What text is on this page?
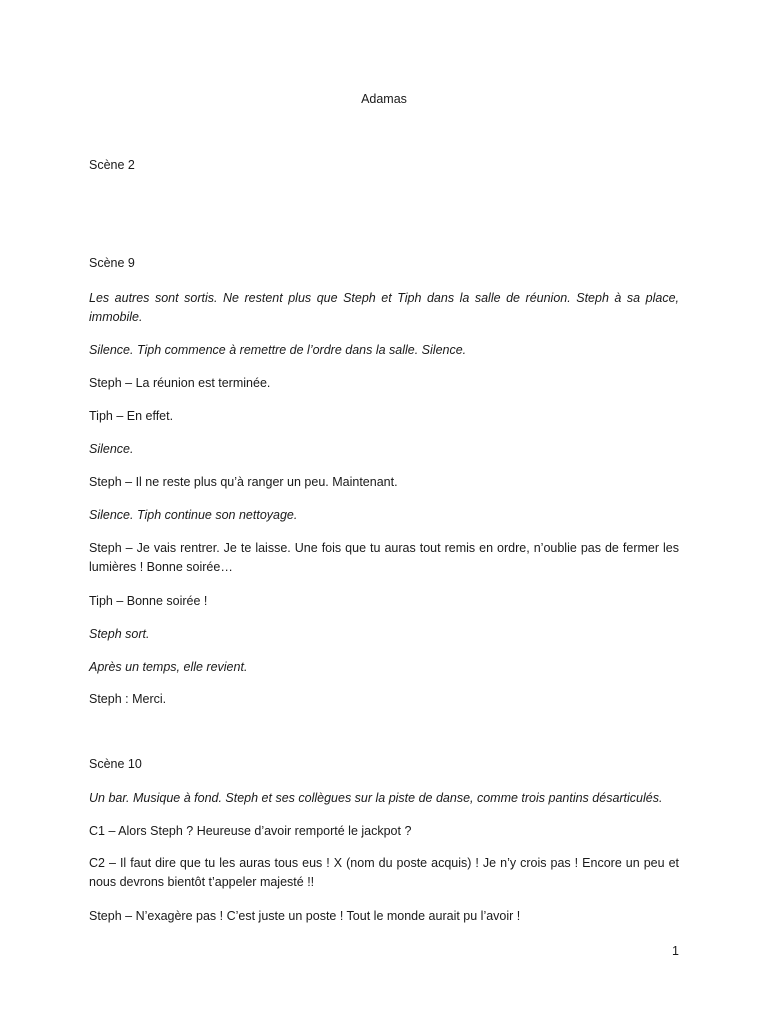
Adamas
Scène 2
Scène 9
Les autres sont sortis. Ne restent plus que Steph et Tiph dans la salle de réunion. Steph à sa place, immobile.
Silence. Tiph commence à remettre de l’ordre dans la salle. Silence.
Steph – La réunion est terminée.
Tiph – En effet.
Silence.
Steph – Il ne reste plus qu’à ranger un peu. Maintenant.
Silence. Tiph continue son nettoyage.
Steph – Je vais rentrer. Je te laisse. Une fois que tu auras tout remis en ordre, n’oublie pas de fermer les lumières ! Bonne soirée…
Tiph – Bonne soirée !
Steph sort.
Après un temps, elle revient.
Steph : Merci.
Scène 10
Un bar. Musique à fond. Steph et ses collègues sur la piste de danse, comme trois pantins désarticulés.
C1 – Alors Steph ? Heureuse d’avoir remporté le jackpot ?
C2 – Il faut dire que tu les auras tous eus ! X (nom du poste acquis) ! Je n’y crois pas ! Encore un peu et nous devrons bientôt t’appeler majesté !!
Steph – N’exagère pas ! C’est juste un poste ! Tout le monde aurait pu l’avoir !
1
